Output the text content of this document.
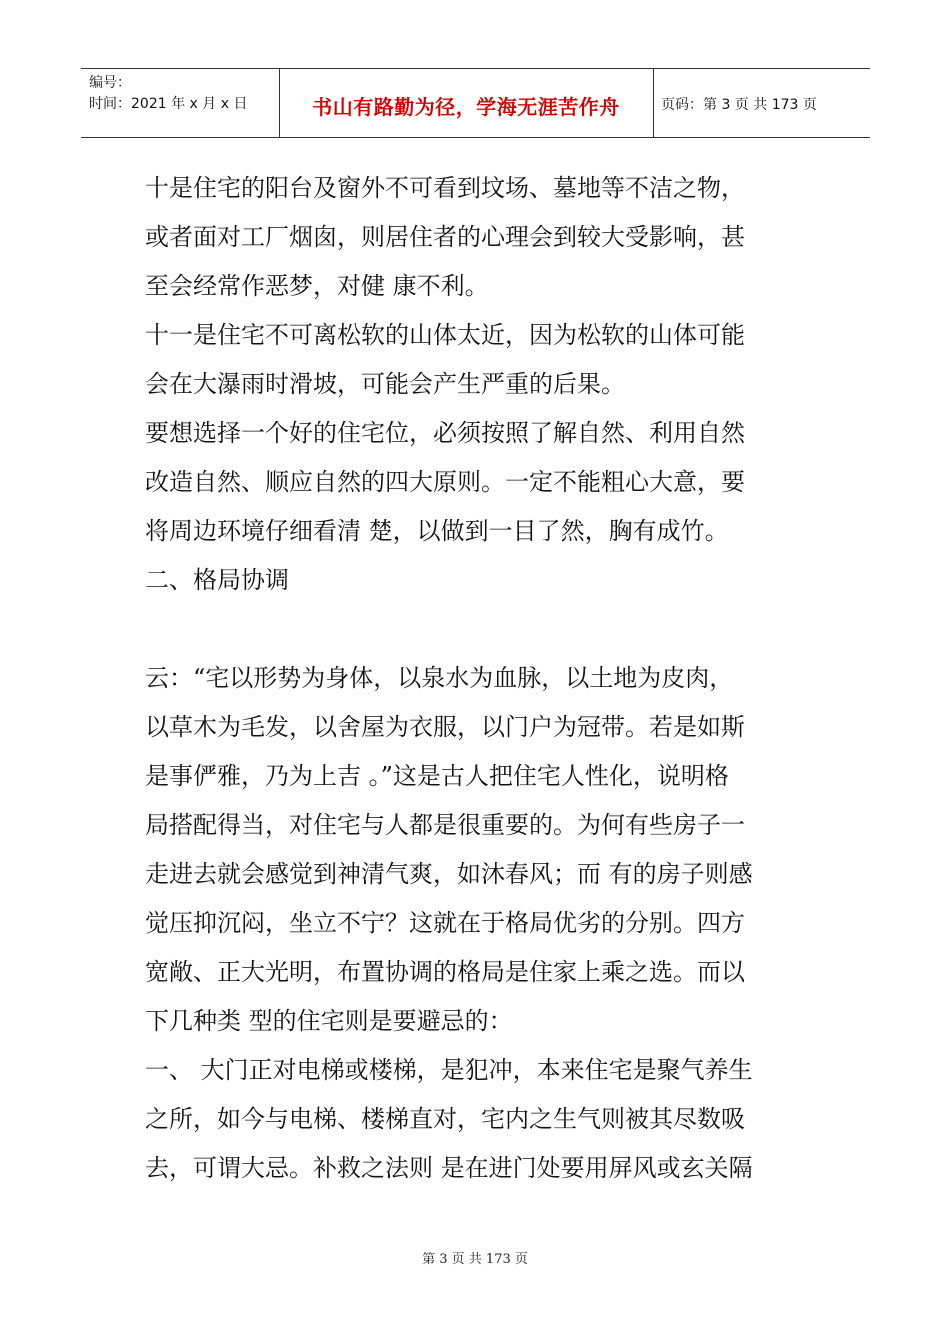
编号：
时间：2021 年 x 月 x 日	书山有路勤为径，学海无涯苦作舟	页码：第 3 页 共 173 页
十是住宅的阳台及窗外不可看到坟场、墓地等不洁之物，
或者面对工厂烟囱，则居住者的心理会到较大受影响，甚
至会经常作恶梦，对健 康不利。
十一是住宅不可离松软的山体太近，因为松软的山体可能
会在大瀑雨时滑坡，可能会产生严重的后果。
要想选择一个好的住宅位，必须按照了解自然、利用自然
改造自然、顺应自然的四大原则。一定不能粗心大意，要
将周边环境仔细看清 楚，以做到一目了然，胸有成竹。
二、格局协调
云：“宅以形势为身体，以泉水为血脉，以土地为皮肉，
以草木为毛发，以舍屋为衣服，以门户为冠带。若是如斯
是事俨雅，乃为上吉 。”这是古人把住宅人性化，说明格
局搭配得当，对住宅与人都是很重要的。为何有些房子一
走进去就会感觉到神清气爽，如沐春风；而 有的房子则感
觉压抑沉闷，坐立不宁？这就在于格局优劣的分别。四方
宽敞、正大光明，布置协调的格局是住家上乘之选。而以
下几种类 型的住宅则是要避忌的：
一、 大门正对电梯或楼梯，是犯冲，本来住宅是聚气养生
之所，如今与电梯、楼梯直对，宅内之生气则被其尽数吸
去，可谓大忌。补救之法则 是在进门处要用屏风或玄关隔
第 3 页 共 173 页
